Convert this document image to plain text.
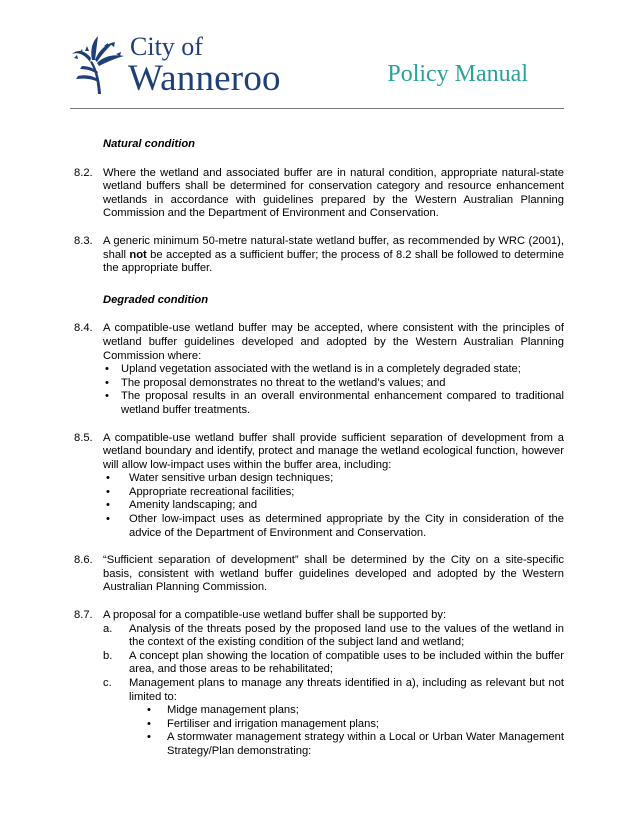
City of
Wanneroo	Policy Manual
Natural condition
8.2. Where the wetland and associated buffer are in natural condition, appropriate natural-state wetland buffers shall be determined for conservation category and resource enhancement wetlands in accordance with guidelines prepared by the Western Australian Planning Commission and the Department of Environment and Conservation.

8.3. A generic minimum 50-metre natural-state wetland buffer, as recommended by WRC (2001), shall not be accepted as a sufficient buffer; the process of 8.2 shall be followed to determine the appropriate buffer.

Degraded condition
8.4. A compatible-use wetland buffer may be accepted, where consistent with the principles of wetland buffer guidelines developed and adopted by the Western Australian Planning Commission where:

• Upland vegetation associated with the wetland is in a completely degraded state;
• The proposal demonstrates no threat to the wetland’s values; and
• The proposal results in an overall environmental enhancement compared to traditional wetland buffer treatments.
8.5. A compatible-use wetland buffer shall provide sufficient separation of development from a wetland boundary and identify, protect and manage the wetland ecological function, however will allow low-impact uses within the buffer area, including:

• Water sensitive urban design techniques;
• Appropriate recreational facilities;
• Amenity landscaping; and
• Other low-impact uses as determined appropriate by the City in consideration of the advice of the Department of Environment and Conservation.
8.6. “Sufficient separation of development” shall be determined by the City on a site-specific basis, consistent with wetland buffer guidelines developed and adopted by the Western Australian Planning Commission.

8.7. A proposal for a compatible-use wetland buffer shall be supported by:

a. Analysis of the threats posed by the proposed land use to the values of the wetland in the context of the existing condition of the subject land and wetland;
b. A concept plan showing the location of compatible uses to be included within the buffer area, and those areas to be rehabilitated;
c. Management plans to manage any threats identified in a), including as relevant but not limited to:
• Midge management plans;
• Fertiliser and irrigation management plans;
• A stormwater management strategy within a Local or Urban Water Management Strategy/Plan demonstrating:
